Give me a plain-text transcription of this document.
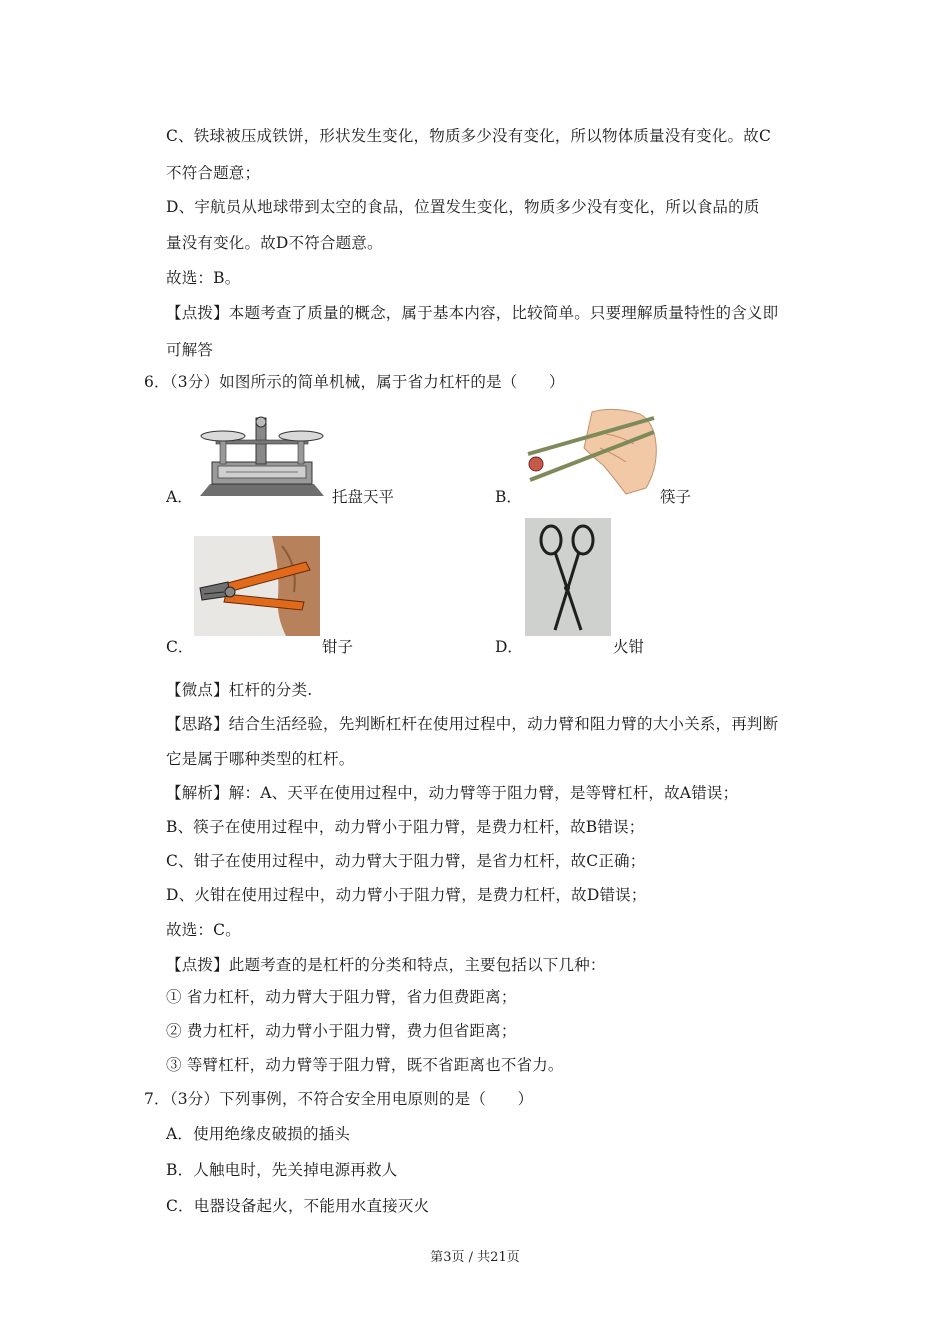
C、铁球被压成铁饼，形状发生变化，物质多少没有变化，所以物体质量没有变化。故C
不符合题意；
D、宇航员从地球带到太空的食品，位置发生变化，物质多少没有变化，所以食品的质
量没有变化。故D不符合题意。
故选：B。
【点拨】本题考查了质量的概念，属于基本内容，比较简单。只要理解质量特性的含义即
可解答
6．（3分）如图所示的简单机械，属于省力杠杆的是（　　）
A．	托盘天平	B．	筷子
C．	钳子	D．	火钳
【微点】杠杆的分类.
【思路】结合生活经验，先判断杠杆在使用过程中，动力臂和阻力臂的大小关系，再判断
它是属于哪种类型的杠杆。
【解析】解：A、天平在使用过程中，动力臂等于阻力臂，是等臂杠杆，故A错误；
B、筷子在使用过程中，动力臂小于阻力臂，是费力杠杆，故B错误；
C、钳子在使用过程中，动力臂大于阻力臂，是省力杠杆，故C正确；
D、火钳在使用过程中，动力臂小于阻力臂，是费力杠杆，故D错误；
故选：C。
【点拨】此题考查的是杠杆的分类和特点，主要包括以下几种：
① 省力杠杆，动力臂大于阻力臂，省力但费距离；
② 费力杠杆，动力臂小于阻力臂，费力但省距离；
③ 等臂杠杆，动力臂等于阻力臂，既不省距离也不省力。
7．（3分）下列事例，不符合安全用电原则的是（　　）
A．使用绝缘皮破损的插头
B．人触电时，先关掉电源再救人
C．电器设备起火，不能用水直接灭火
第3页 / 共21页
